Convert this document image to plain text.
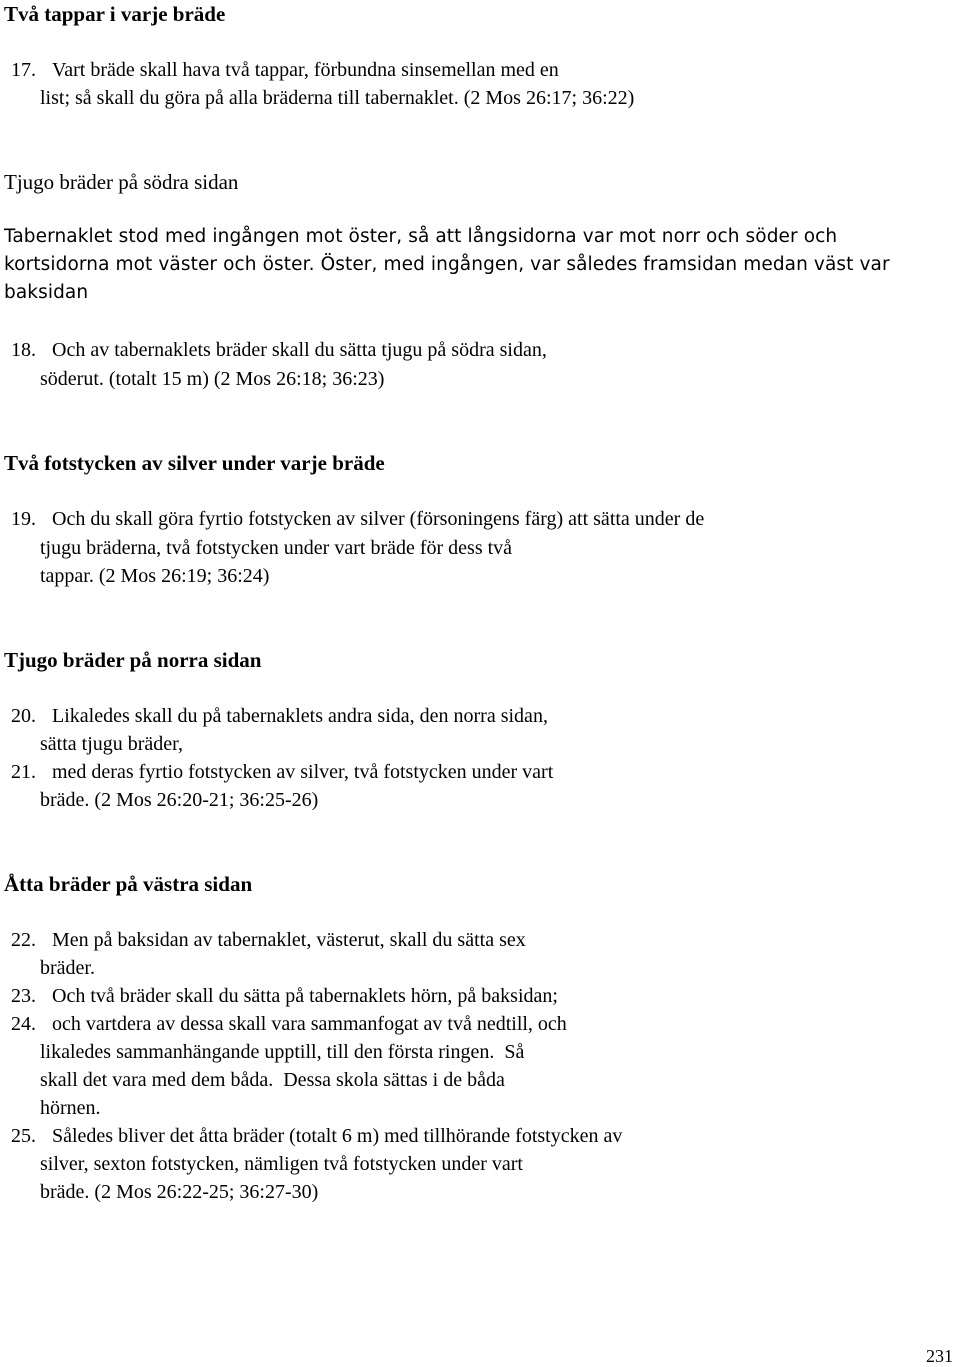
Två tappar i varje bräde
17. Vart bräde skall hava två tappar, förbundna sinsemellan med en
list; så skall du göra på alla bräderna till tabernaklet. (2 Mos 26:17; 36:22)
Tjugo bräder på södra sidan
Tabernaklet stod med ingången mot öster, så att långsidorna var mot norr och söder och
kortsidorna mot väster och öster. Öster, med ingången, var således framsidan medan väst var
baksidan
18. Och av tabernaklets bräder skall du sätta tjugu på södra sidan,
söderut. (totalt 15 m) (2 Mos 26:18; 36:23)
Två fotstycken av silver under varje bräde
19. Och du skall göra fyrtio fotstycken av silver (försoningens färg) att sätta under de
tjugu bräderna, två fotstycken under vart bräde för dess två
tappar. (2 Mos 26:19; 36:24)
Tjugo bräder på norra sidan
20. Likaledes skall du på tabernaklets andra sida, den norra sidan,
sätta tjugu bräder,
21. med deras fyrtio fotstycken av silver, två fotstycken under vart
bräde. (2 Mos 26:20-21; 36:25-26)
Åtta bräder på västra sidan
22. Men på baksidan av tabernaklet, västerut, skall du sätta sex
bräder.
23. Och två bräder skall du sätta på tabernaklets hörn, på baksidan;
24. och vartdera av dessa skall vara sammanfogat av två nedtill, och
likaledes sammanhängande upptill, till den första ringen.  Så
skall det vara med dem båda.  Dessa skola sättas i de båda
hörnen.
25. Således bliver det åtta bräder (totalt 6 m) med tillhörande fotstycken av
silver, sexton fotstycken, nämligen två fotstycken under vart
bräde. (2 Mos 26:22-25; 36:27-30)
231
